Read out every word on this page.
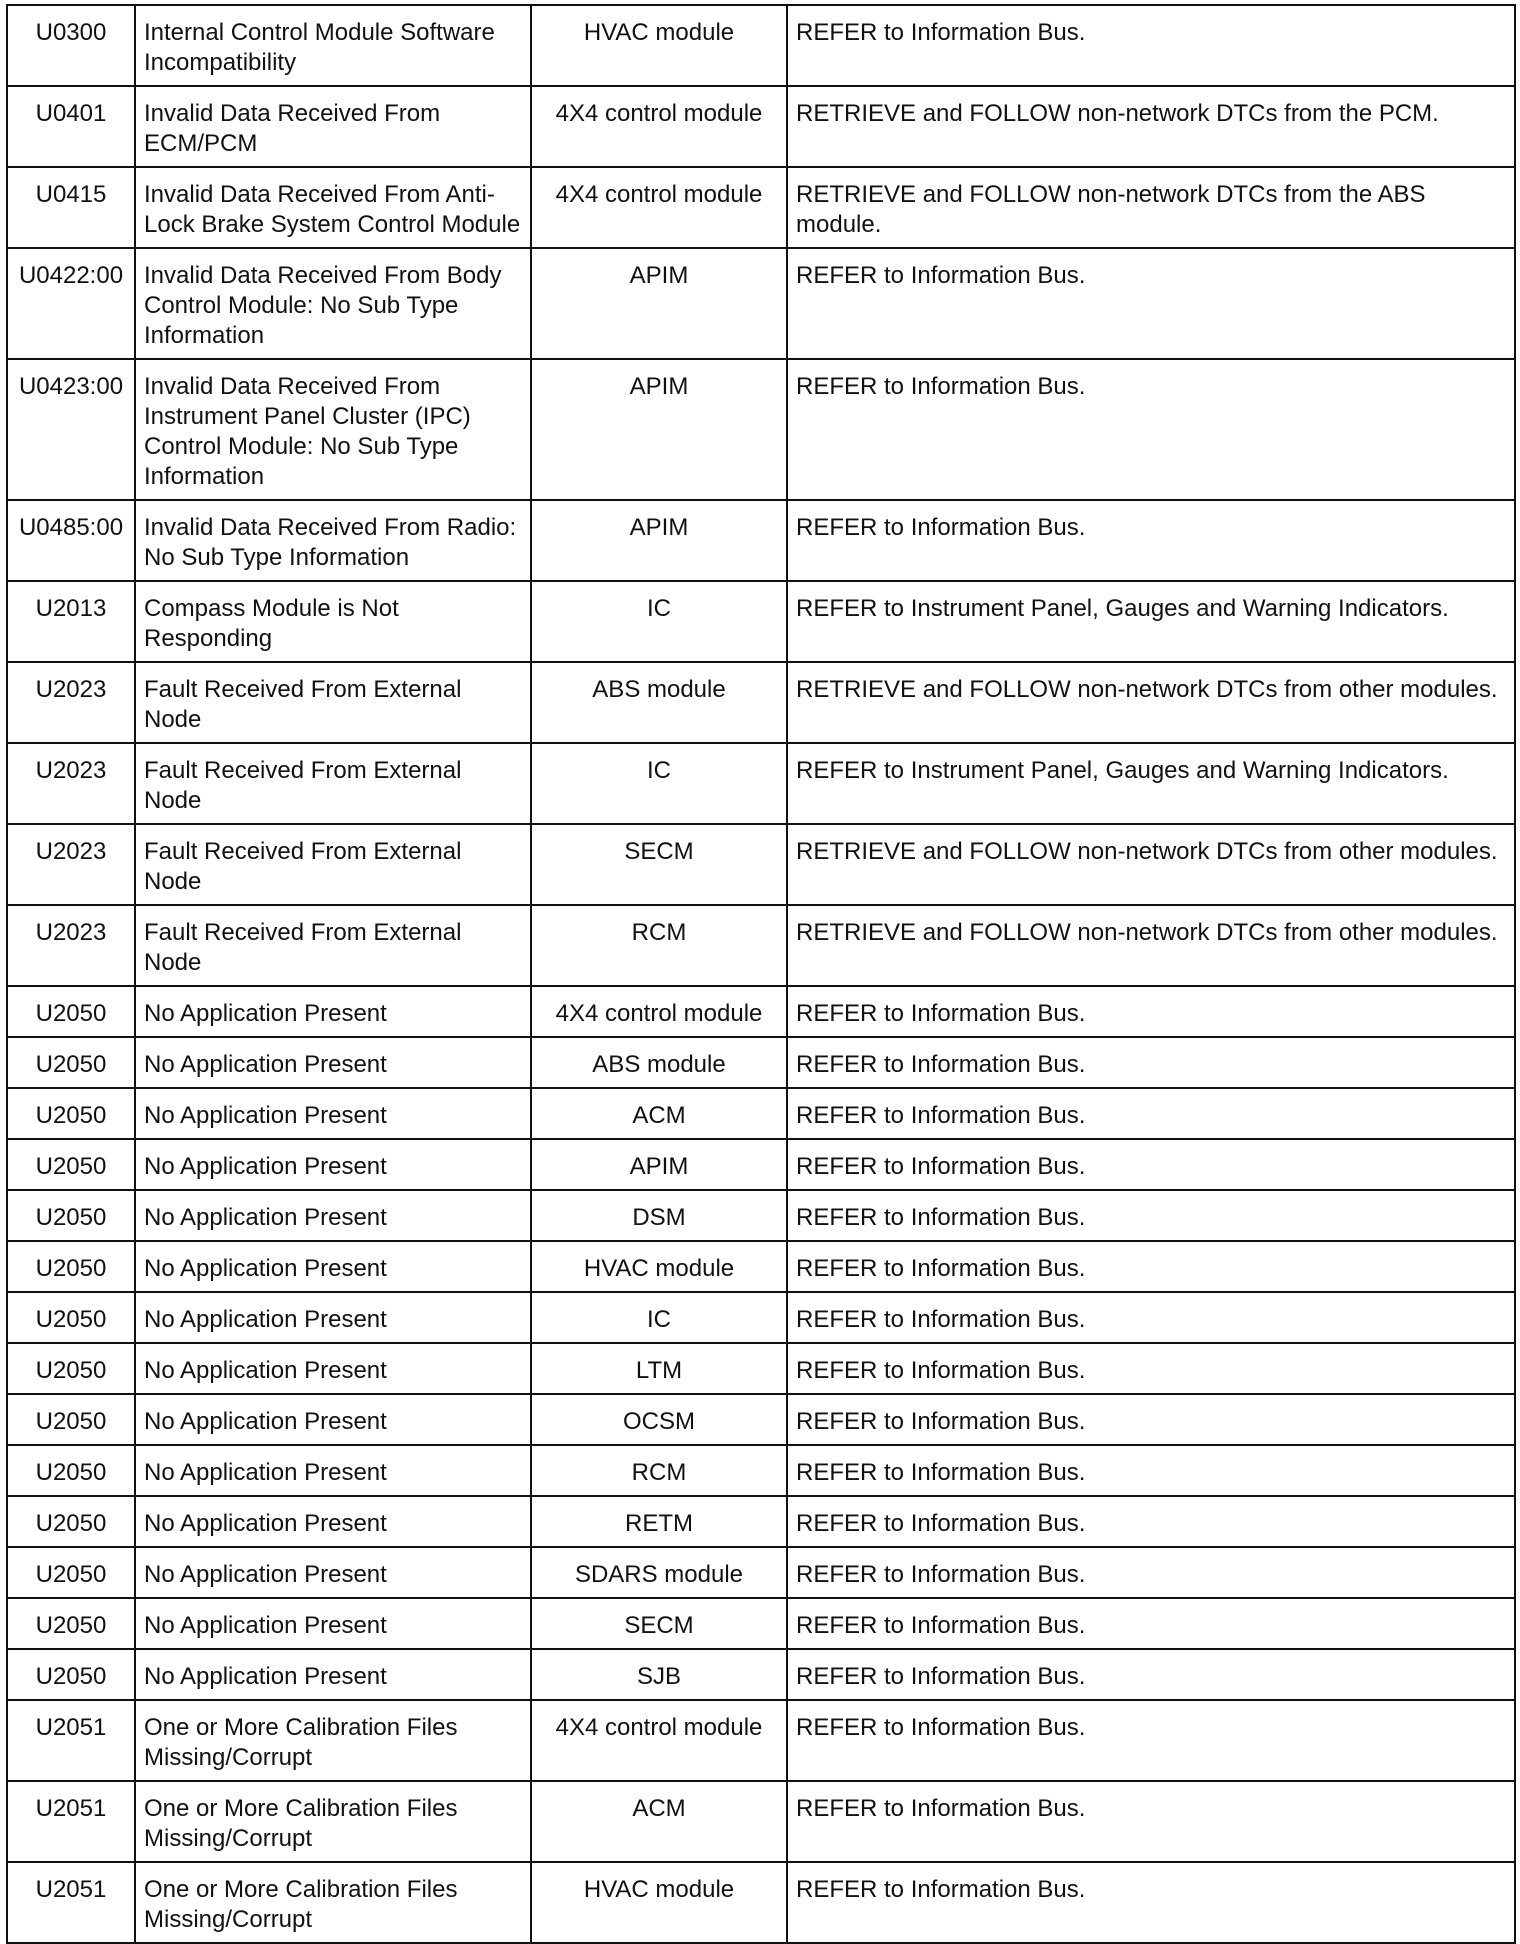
U0300	Internal Control Module Software Incompatibility	HVAC module	REFER to Information Bus.
U0401	Invalid Data Received From ECM/PCM	4X4 control module	RETRIEVE and FOLLOW non-network DTCs from the PCM.
U0415	Invalid Data Received From Anti-Lock Brake System Control Module	4X4 control module	RETRIEVE and FOLLOW non-network DTCs from the ABS module.
U0422:00	Invalid Data Received From Body Control Module: No Sub Type Information	APIM	REFER to Information Bus.
U0423:00	Invalid Data Received From Instrument Panel Cluster (IPC) Control Module: No Sub Type Information	APIM	REFER to Information Bus.
U0485:00	Invalid Data Received From Radio: No Sub Type Information	APIM	REFER to Information Bus.
U2013	Compass Module is Not Responding	IC	REFER to Instrument Panel, Gauges and Warning Indicators.
U2023	Fault Received From External Node	ABS module	RETRIEVE and FOLLOW non-network DTCs from other modules.
U2023	Fault Received From External Node	IC	REFER to Instrument Panel, Gauges and Warning Indicators.
U2023	Fault Received From External Node	SECM	RETRIEVE and FOLLOW non-network DTCs from other modules.
U2023	Fault Received From External Node	RCM	RETRIEVE and FOLLOW non-network DTCs from other modules.
U2050	No Application Present	4X4 control module	REFER to Information Bus.
U2050	No Application Present	ABS module	REFER to Information Bus.
U2050	No Application Present	ACM	REFER to Information Bus.
U2050	No Application Present	APIM	REFER to Information Bus.
U2050	No Application Present	DSM	REFER to Information Bus.
U2050	No Application Present	HVAC module	REFER to Information Bus.
U2050	No Application Present	IC	REFER to Information Bus.
U2050	No Application Present	LTM	REFER to Information Bus.
U2050	No Application Present	OCSM	REFER to Information Bus.
U2050	No Application Present	RCM	REFER to Information Bus.
U2050	No Application Present	RETM	REFER to Information Bus.
U2050	No Application Present	SDARS module	REFER to Information Bus.
U2050	No Application Present	SECM	REFER to Information Bus.
U2050	No Application Present	SJB	REFER to Information Bus.
U2051	One or More Calibration Files Missing/Corrupt	4X4 control module	REFER to Information Bus.
U2051	One or More Calibration Files Missing/Corrupt	ACM	REFER to Information Bus.
U2051	One or More Calibration Files Missing/Corrupt	HVAC module	REFER to Information Bus.
